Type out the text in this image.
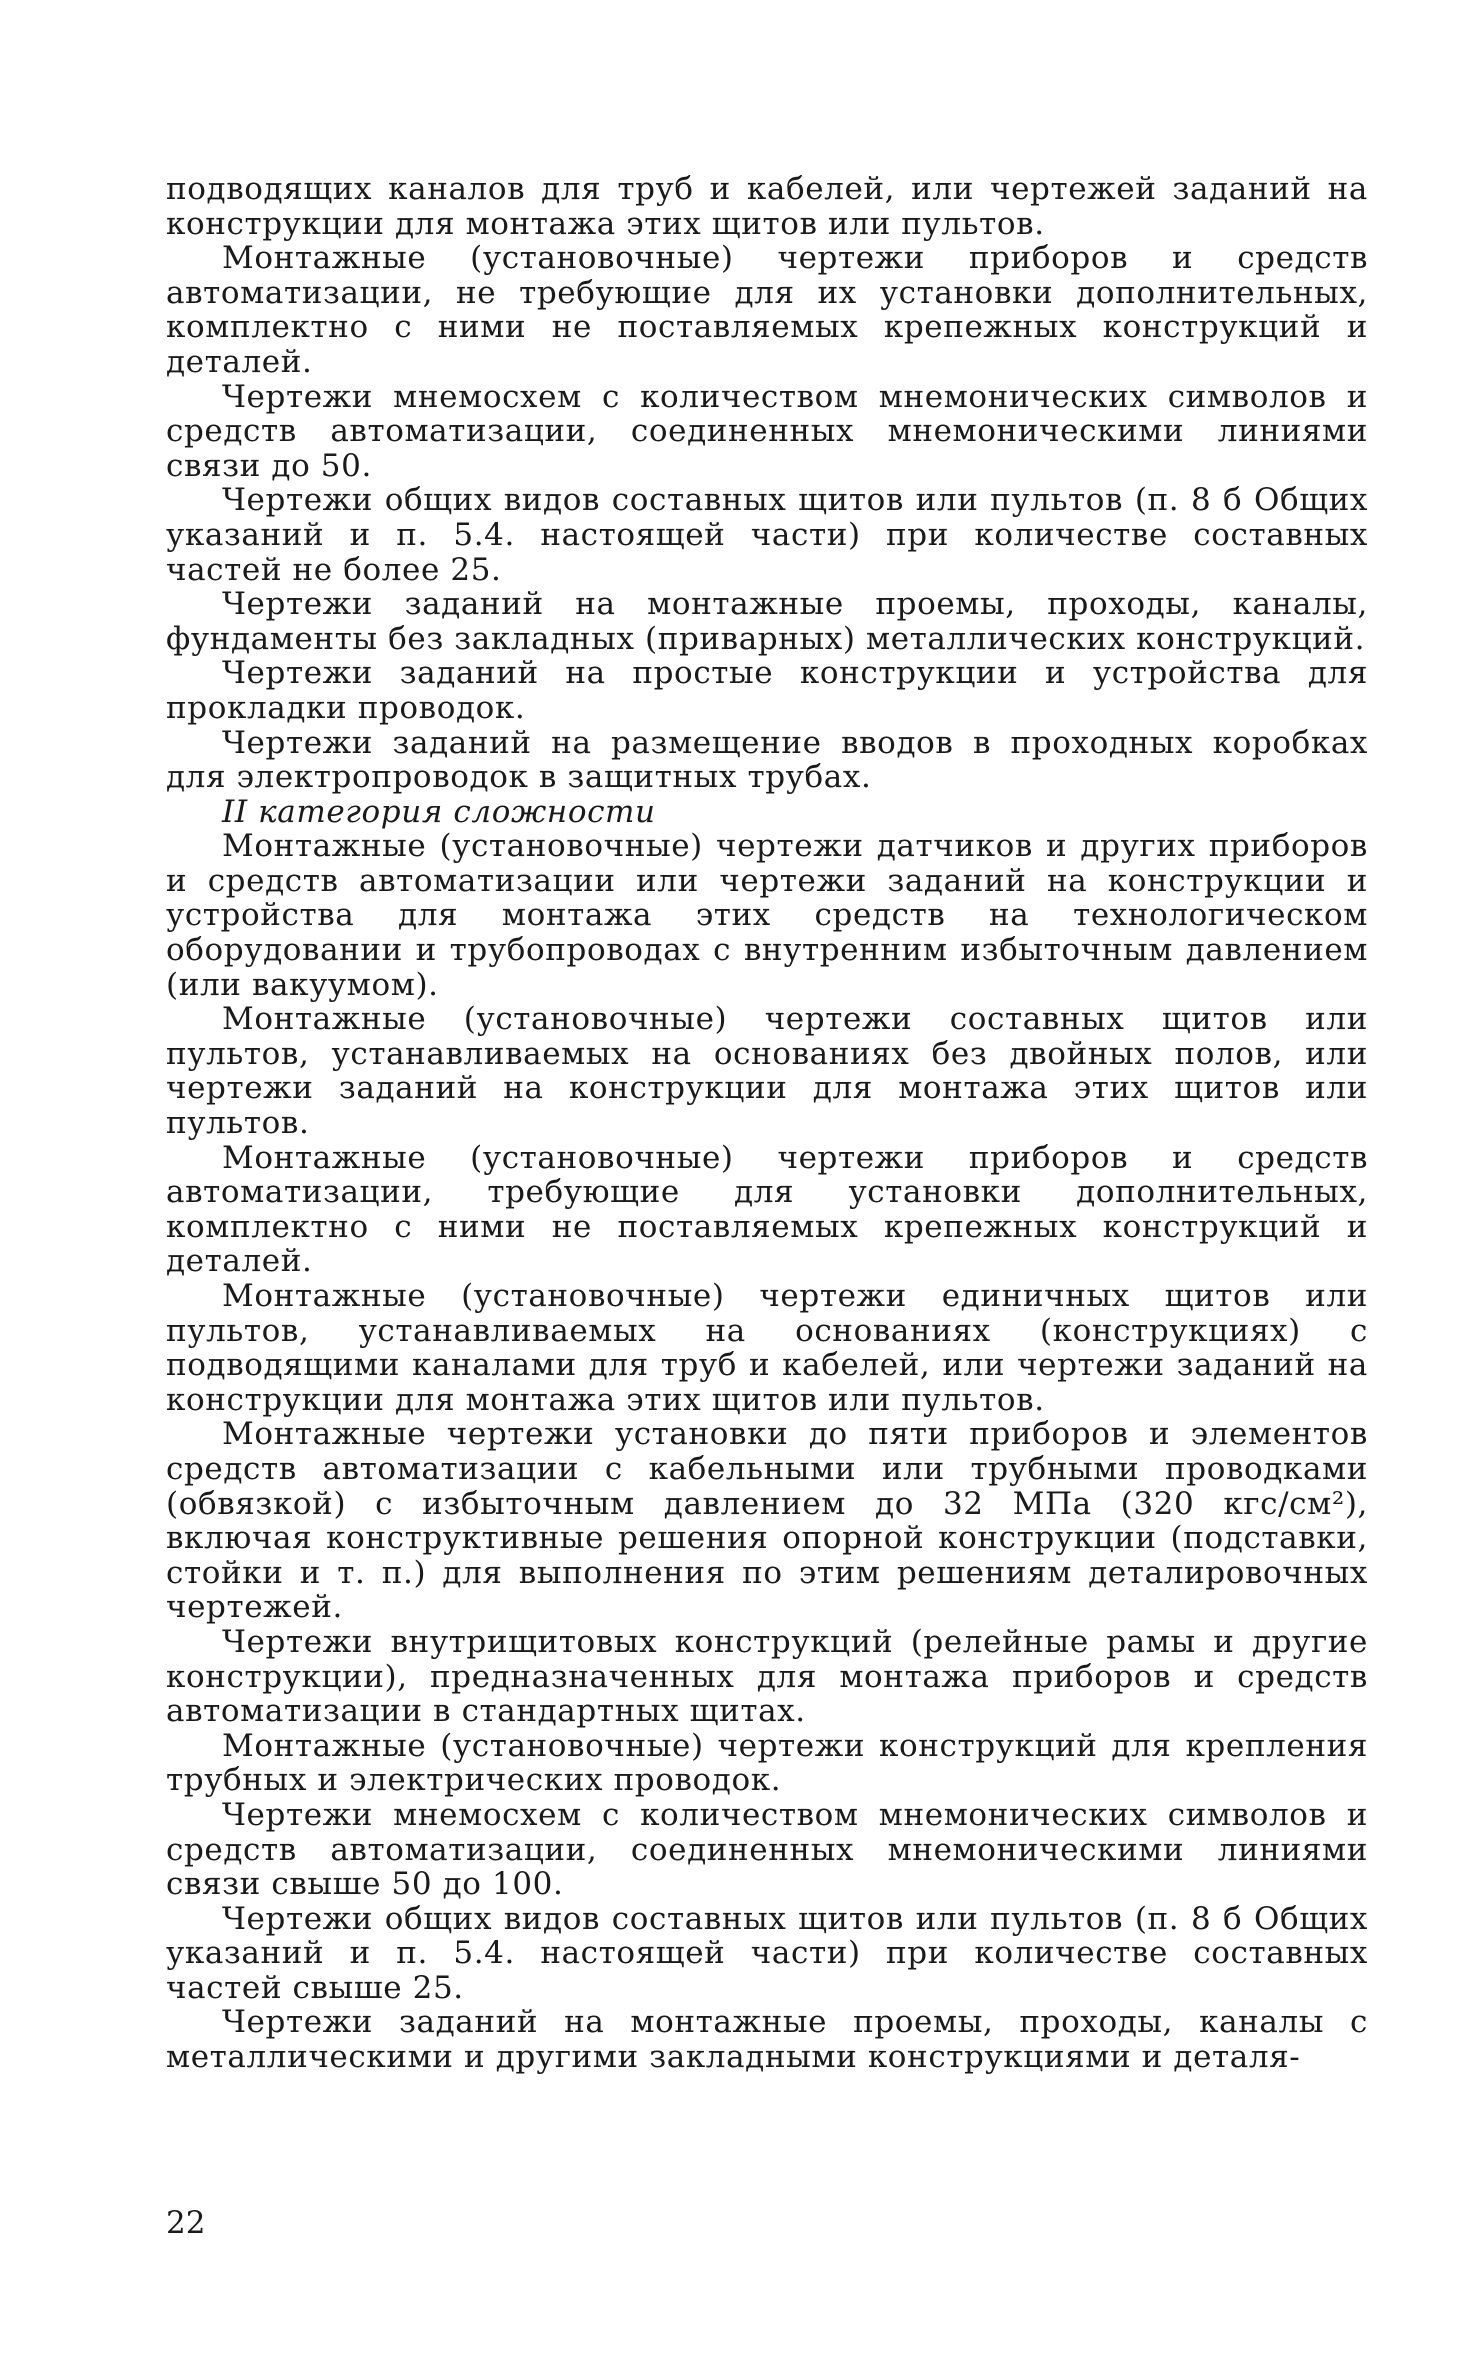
подводящих каналов для труб и кабелей, или чертежей заданий на конструкции для монтажа этих щитов или пультов.

Монтажные (установочные) чертежи приборов и средств автоматизации, не требующие для их установки дополнительных, комплектно с ними не поставляемых крепежных конструкций и деталей.

Чертежи мнемосхем с количеством мнемонических символов и средств автоматизации, соединенных мнемоническими линиями связи до 50.

Чертежи общих видов составных щитов или пультов (п. 8 б Общих указаний и п. 5.4. настоящей части) при количестве составных частей не более 25.

Чертежи заданий на монтажные проемы, проходы, каналы, фундаменты без закладных (приварных) металлических конструкций.

Чертежи заданий на простые конструкции и устройства для прокладки проводок.

Чертежи заданий на размещение вводов в проходных коробках для электропроводок в защитных трубах.

II категория сложности

Монтажные (установочные) чертежи датчиков и других приборов и средств автоматизации или чертежи заданий на конструкции и устройства для монтажа этих средств на технологическом оборудовании и трубопроводах с внутренним избыточным давлением (или вакуумом).

Монтажные (установочные) чертежи составных щитов или пультов, устанавливаемых на основаниях без двойных полов, или чертежи заданий на конструкции для монтажа этих щитов или пультов.

Монтажные (установочные) чертежи приборов и средств автоматизации, требующие для установки дополнительных, комплектно с ними не поставляемых крепежных конструкций и деталей.

Монтажные (установочные) чертежи единичных щитов или пультов, устанавливаемых на основаниях (конструкциях) с подводящими каналами для труб и кабелей, или чертежи заданий на конструкции для монтажа этих щитов или пультов.

Монтажные чертежи установки до пяти приборов и элементов средств автоматизации с кабельными или трубными проводками (обвязкой) с избыточным давлением до 32 МПа (320 кгс/см²), включая конструктивные решения опорной конструкции (подставки, стойки и т. п.) для выполнения по этим решениям деталировочных чертежей.

Чертежи внутрищитовых конструкций (релейные рамы и другие конструкции), предназначенных для монтажа приборов и средств автоматизации в стандартных щитах.

Монтажные (установочные) чертежи конструкций для крепления трубных и электрических проводок.

Чертежи мнемосхем с количеством мнемонических символов и средств автоматизации, соединенных мнемоническими линиями связи свыше 50 до 100.

Чертежи общих видов составных щитов или пультов (п. 8 б Общих указаний и п. 5.4. настоящей части) при количестве составных частей свыше 25.

Чертежи заданий на монтажные проемы, проходы, каналы с металлическими и другими закладными конструкциями и деталя-

22
